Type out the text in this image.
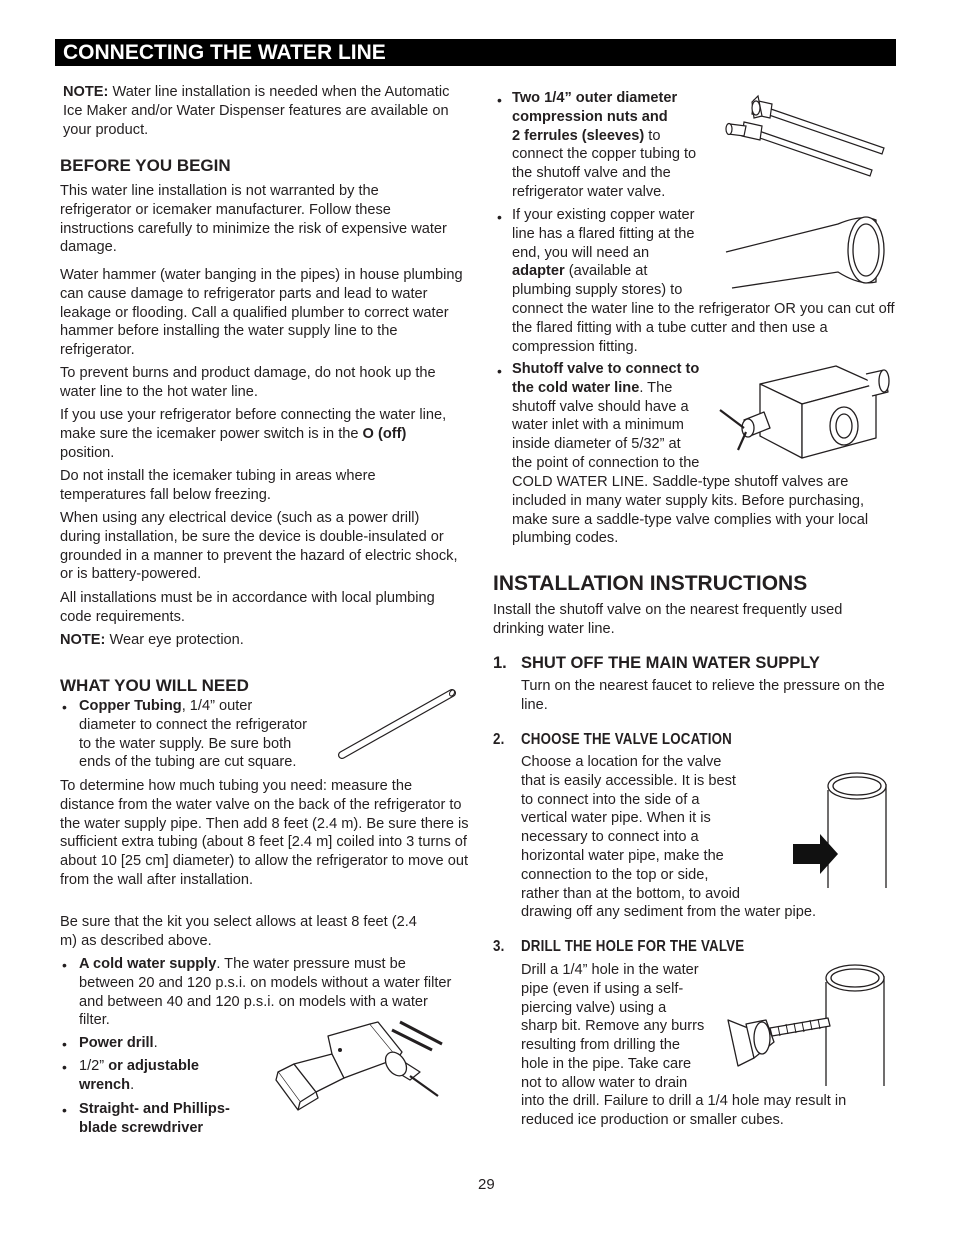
CONNECTING THE WATER LINE

NOTE: Water line installation is needed when the Automatic Ice Maker and/or Water Dispenser features are available on your product.

BEFORE YOU BEGIN

This water line installation is not warranted by the refrigerator or icemaker manufacturer. Follow these instructions carefully to minimize the risk of expensive water damage.

Water hammer (water banging in the pipes) in house plumbing can cause damage to refrigerator parts and lead to water leakage or flooding. Call a qualified plumber to correct water hammer before installing the water supply line to the refrigerator.

To prevent burns and product damage, do not hook up the water line to the hot water line.

If you use your refrigerator before connecting the water line, make sure the icemaker power switch is in the O (off) position.

Do not install the icemaker tubing in areas where temperatures fall below freezing.

When using any electrical device (such as a power drill) during installation, be sure the device is double-insulated or grounded in a manner to prevent the hazard of electric shock, or is battery-powered.

All installations must be in accordance with local plumbing code requirements.

NOTE: Wear eye protection.

WHAT YOU WILL NEED
• Copper Tubing, 1/4” outer
diameter to connect the refrigerator
to the water supply. Be sure both
ends of the tubing are cut square.

To determine how much tubing you need: measure the distance from the water valve on the back of the refrigerator to the water supply pipe. Then add 8 feet (2.4 m). Be sure there is sufficient extra tubing (about 8 feet [2.4 m] coiled into 3 turns of about 10 [25 cm] diameter) to allow the refrigerator to move out from the wall after installation.

Be sure that the kit you select allows at least 8 feet (2.4 m) as described above.

• A cold water supply. The water pressure must be between 20 and 120 p.s.i. on models without a water filter and between 40 and 120 p.s.i. on models with a water filter.

• Power drill.

• 1/2” or adjustable
wrench.
• Straight- and Phillips-
blade screwdriver
• Two 1/4” outer diameter
compression nuts and
2 ferrules (sleeves) to
connect the copper tubing to
the shutoff valve and the
refrigerator water valve.
• If your existing copper water
line has a flared fitting at the
end, you will need an
adapter (available at
plumbing supply stores) to

connect the water line to the refrigerator OR you can cut off the flared fitting with a tube cutter and then use a compression fitting.

• Shutoff valve to connect to
the cold water line. The
shutoff valve should have a
water inlet with a minimum
inside diameter of 5/32” at
the point of connection to the

COLD WATER LINE. Saddle-type shutoff valves are included in many water supply kits. Before purchasing, make sure a saddle-type valve complies with your local plumbing codes.

INSTALLATION INSTRUCTIONS

Install the shutoff valve on the nearest frequently used drinking water line.

1. SHUT OFF THE MAIN WATER SUPPLY

Turn on the nearest faucet to relieve the pressure on the line.

2. CHOOSE THE VALVE LOCATION
Choose a location for the valve
that is easily accessible. It is best
to connect into the side of a
vertical water pipe. When it is
necessary to connect into a
horizontal water pipe, make the
connection to the top or side,
rather than at the bottom, to avoid

drawing off any sediment from the water pipe.

3. DRILL THE HOLE FOR THE VALVE
Drill a 1/4” hole in the water
pipe (even if using a self-
piercing valve) using a
sharp bit. Remove any burrs
resulting from drilling the
hole in the pipe. Take care
not to allow water to drain

into the drill. Failure to drill a 1/4 hole may result in reduced ice production or smaller cubes.

29
